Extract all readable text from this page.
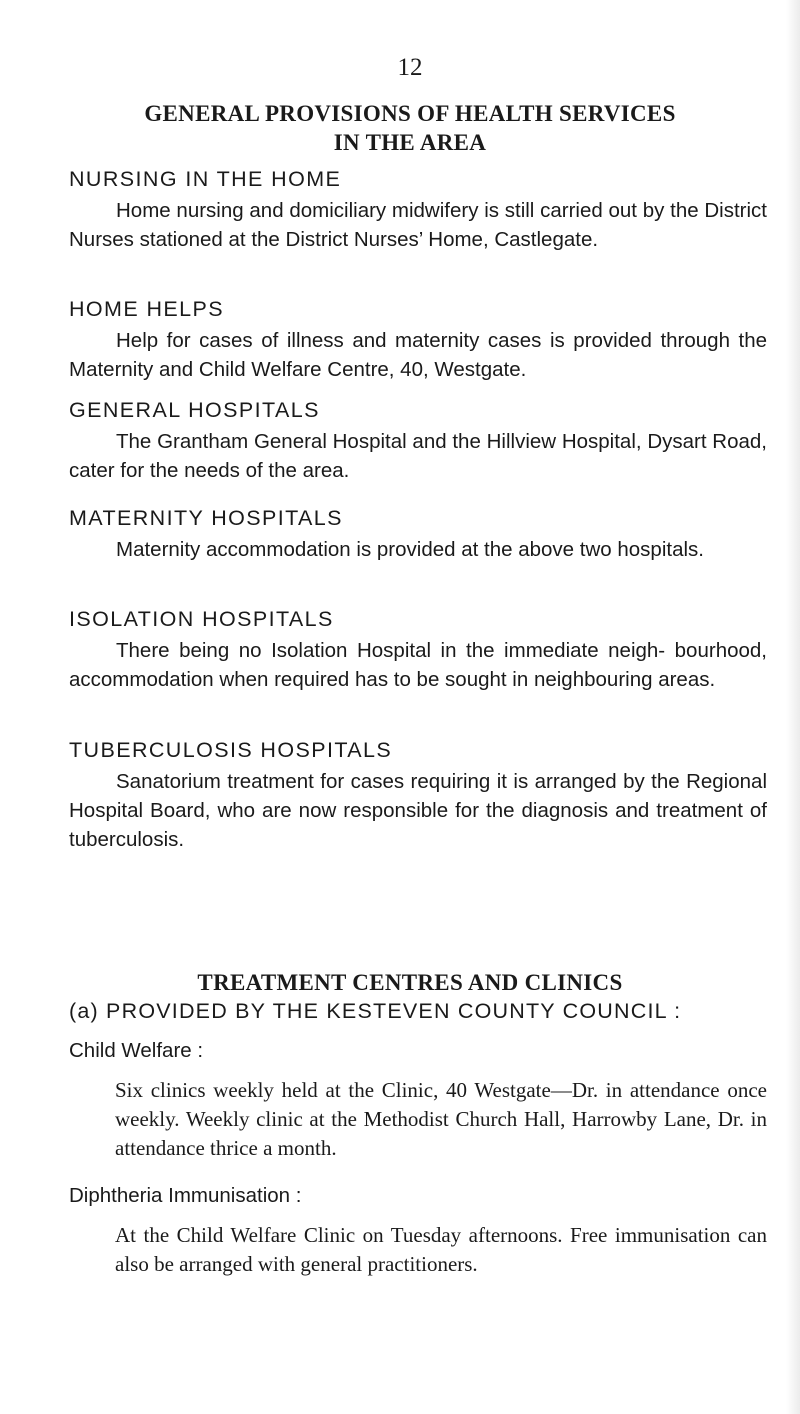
12
GENERAL PROVISIONS OF HEALTH SERVICES
IN THE AREA
NURSING IN THE HOME

Home nursing and domiciliary midwifery is still carried out by the District Nurses stationed at the District Nurses’ Home, Castlegate.

HOME HELPS

Help for cases of illness and maternity cases is provided through the Maternity and Child Welfare Centre, 40, Westgate.

GENERAL HOSPITALS

The Grantham General Hospital and the Hillview Hospital, Dysart Road, cater for the needs of the area.

MATERNITY HOSPITALS

Maternity accommodation is provided at the above two hospitals.

ISOLATION HOSPITALS

There being no Isolation Hospital in the immediate neigh- bourhood, accommodation when required has to be sought in neighbouring areas.

TUBERCULOSIS HOSPITALS

Sanatorium treatment for cases requiring it is arranged by the Regional Hospital Board, who are now responsible for the diagnosis and treatment of tuberculosis.

TREATMENT CENTRES AND CLINICS
(a) PROVIDED BY THE KESTEVEN COUNTY COUNCIL :
Child Welfare :

Six clinics weekly held at the Clinic, 40 Westgate—Dr. in attendance once weekly. Weekly clinic at the Methodist Church Hall, Harrowby Lane, Dr. in attendance thrice a month.

Diphtheria Immunisation :

At the Child Welfare Clinic on Tuesday afternoons. Free immunisation can also be arranged with general practitioners.
